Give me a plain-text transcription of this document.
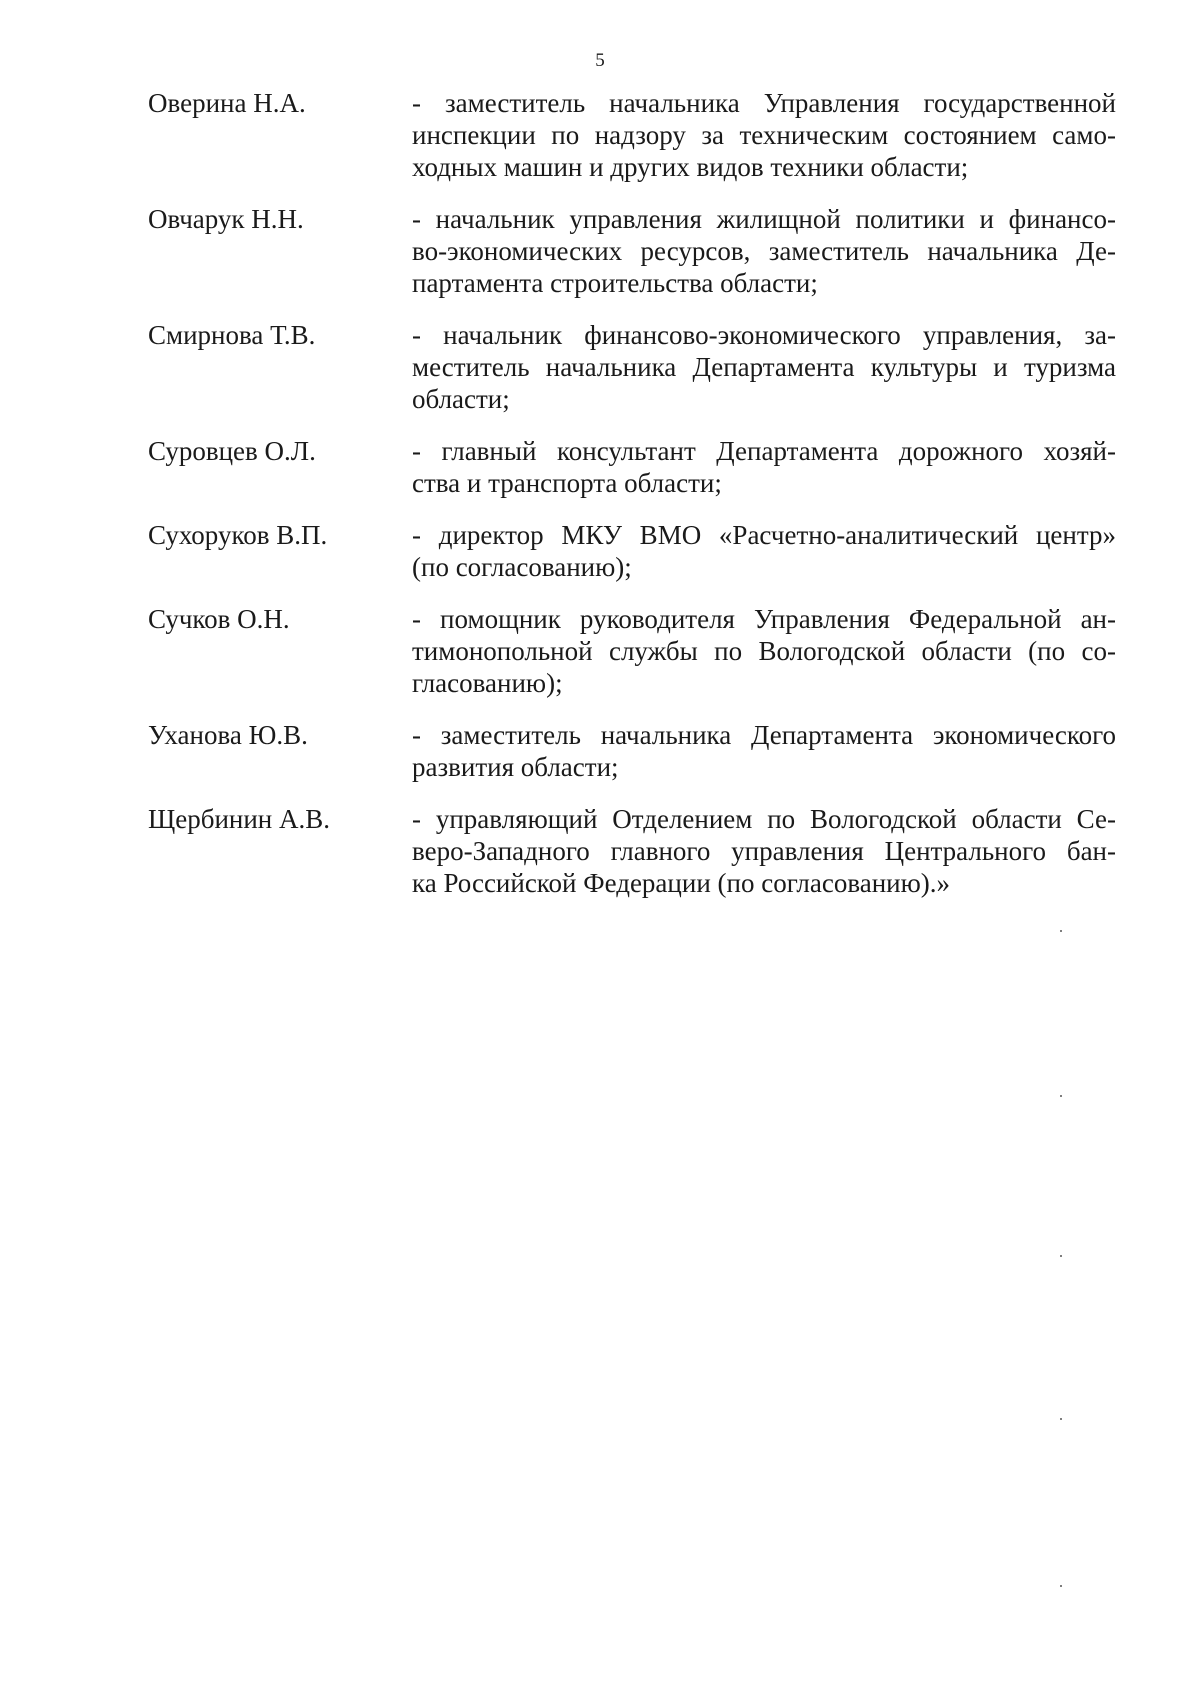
5
Оверина Н.А.	- заместитель начальника Управления государственной
инспекции по надзору за техническим состоянием само-
ходных машин и других видов техники области;
Овчарук Н.Н.	- начальник управления жилищной политики и финансо-
во-экономических ресурсов, заместитель начальника Де-
партамента строительства области;
Смирнова Т.В.	- начальник финансово-экономического управления, за-
меститель начальника Департамента культуры и туризма
области;
Суровцев О.Л.	- главный консультант Департамента дорожного хозяй-
ства и транспорта области;
Сухоруков В.П.	- директор МКУ ВМО «Расчетно-аналитический центр»
(по согласованию);
Сучков О.Н.	- помощник руководителя Управления Федеральной ан-
тимонопольной службы по Вологодской области (по со-
гласованию);
Уханова Ю.В.	- заместитель начальника Департамента экономического
развития области;
Щербинин А.В.	- управляющий Отделением по Вологодской области Се-
веро-Западного главного управления Центрального бан-
ка Российской Федерации (по согласованию).»
